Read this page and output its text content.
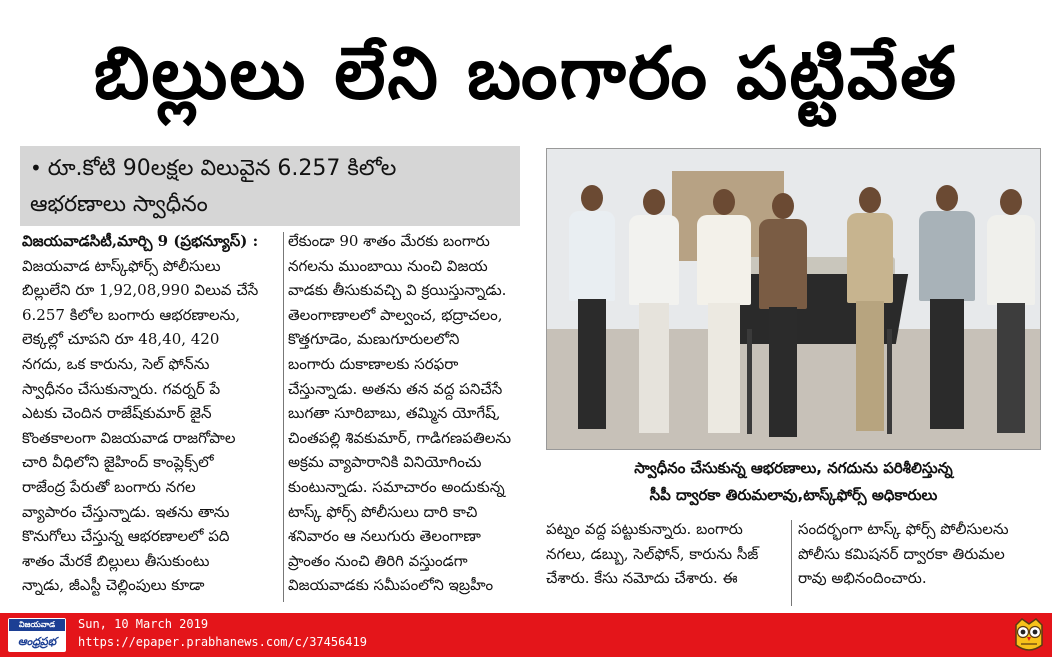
బిల్లులు లేని బంగారం పట్టివేత
• రూ.కోటి 90లక్షల విలువైన 6.257 కిలోల
ఆభరణాలు స్వాధీనం
విజయవాడసిటీ,మార్చి 9 (ప్రభన్యూస్) :
విజయవాడ టాస్క్‌ఫోర్స్ పోలీసులు
బిల్లులేని రూ 1,92,08,990 విలువ చేసే
6.257 కిలోల బంగారు ఆభరణాలను,
లెక్కల్లో చూపని రూ 48,40, 420
నగదు, ఒక కారును, సెల్ ఫోన్‌ను
స్వాధీనం చేసుకున్నారు. గవర్నర్‌ పే
ఎటకు చెందిన రాజేష్‌కుమార్ జైన్
కొంతకాలంగా విజయవాడ రాజగోపాల
చారి వీధిలోని జైహింద్ కాంప్లెక్స్‌లో
రాజేంద్ర పేరుతో బంగారు నగల
వ్యాపారం చేస్తున్నాడు. ఇతను తాను
కొనుగోలు చేస్తున్న ఆభరణాలలో పది
శాతం మేరకే బిల్లులు తీసుకుంటు
న్నాడు, జీఎస్టీ చెల్లింపులు కూడా
లేకుండా 90 శాతం మేరకు బంగారు
నగలను ముంబాయి నుంచి విజయ
వాడకు తీసుకువచ్చి వి క్రయిస్తున్నాడు.
తెలంగాణాలలో పాల్వంచ, భద్రాచలం,
కొత్తగూడెం, మణుగూరులలోని
బంగారు దుకాణాలకు సరఫరా
చేస్తున్నాడు. అతను తన వద్ద పనిచేసే
బుగతా సూరిబాబు, తమ్మిన యోగేష్,
చింతపల్లి శివకుమార్, గాడిగణపతిలను
అక్రమ వ్యాపారానికి వినియోగించు
కుంటున్నాడు. సమాచారం అందుకున్న
టాస్క్ ఫోర్స్ పోలీసులు దారి కాచి
శనివారం ఆ నలుగురు తెలంగాణా
ప్రాంతం నుంచి తిరిగి వస్తుండగా
విజయవాడకు సమీపంలోని ఇబ్రహీం
స్వాధీనం చేసుకున్న ఆభరణాలు, నగదును పరిశీలిస్తున్న
సీపీ ద్వారకా తిరుమలావు,టాస్క్‌ఫోర్స్ అధికారులు
పట్నం వద్ద పట్టుకున్నారు. బంగారు
నగలు, డబ్బు, సెల్‌ఫోన్, కారును సీజ్
చేశారు. కేసు నమోదు చేశారు. ఈ
సందర్భంగా టాస్క్ ఫోర్స్ పోలీసులను
పోలీసు కమిషనర్ ద్వారకా తిరుమల
రావు అభినందించారు.
విజయవాడ
ఆంధ్రప్రభ
Sun, 10 March 2019
https://epaper.prabhanews.com/c/37456419
